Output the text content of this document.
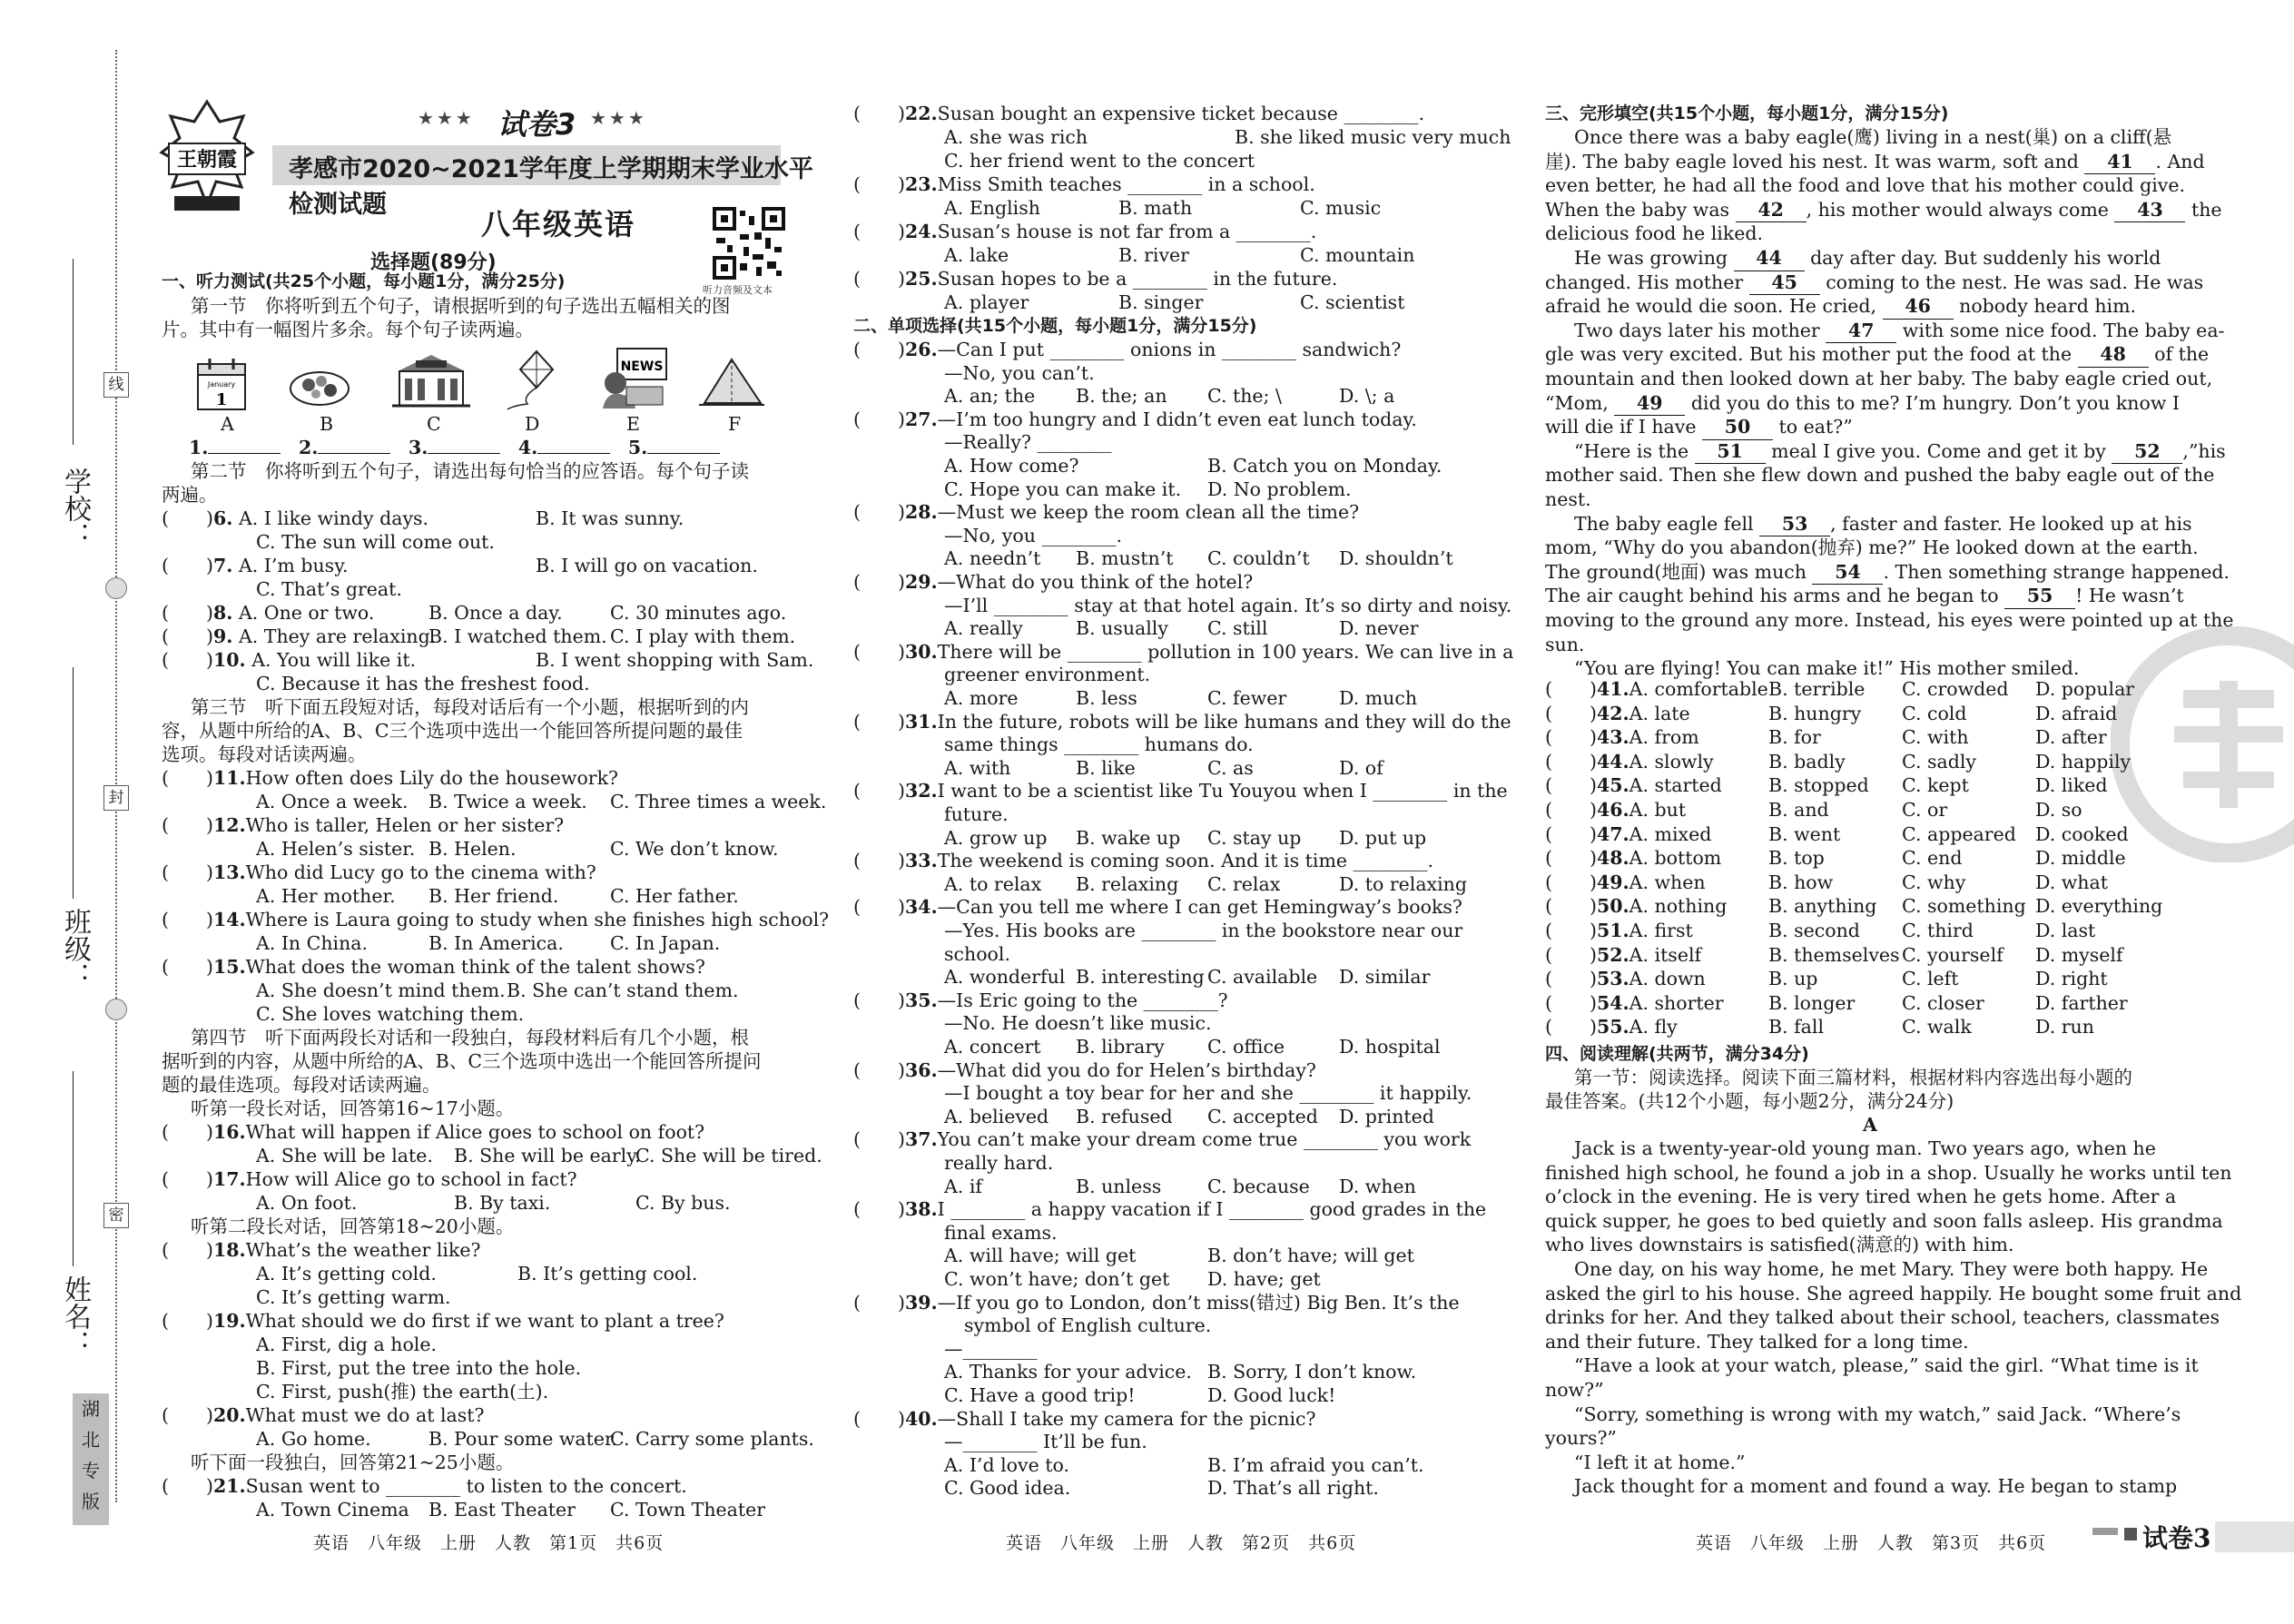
学校：
班级：
姓名：
线
封
密
湖
北
专
版
王朝霞
★★★ 试卷3 ★★★
孝感市2020~2021学年度上学期期末学业水平检测试题
八年级英语
听力音频及文本
选择题(89分)
一、听力测试(共25个小题，每小题1分，满分25分)
第一节　你将听到五个句子，请根据听到的句子选出五幅相关的图
片。其中有一幅图片多余。每个句子读两遍。
January
1
NEWS
A	B	C	D	E	F
1.	2.	3.	4.	5.
第二节　你将听到五个句子，请选出每句恰当的应答语。每个句子读
两遍。
(　　)6. A. I like windy days.	B. It was sunny.
C. The sun will come out.
(　　)7. A. I’m busy.	B. I will go on vacation.
C. That’s great.
(　　)8. A. One or two.	B. Once a day.	C. 30 minutes ago.
(　　)9. A. They are relaxing.
B. I watched them. C. I play with them.
(　　)10. A. You will like it.	B. I went shopping with Sam.
C. Because it has the freshest food.
第三节　听下面五段短对话，每段对话后有一个小题，根据听到的内
容，从题中所给的A、B、C三个选项中选出一个能回答所提问题的最佳
选项。每段对话读两遍。
(　　)11.How often does Lily do the housework?
A. Once a week. B. Twice a week. C. Three times a week.
(　　)12.Who is taller, Helen or her sister?
A. Helen’s sister. B. Helen.	C. We don’t know.
(　　)13.Who did Lucy go to the cinema with?
A. Her mother. B. Her friend.	C. Her father.
(　　)14.Where is Laura going to study when she finishes high school?
A. In China.	B. In America. C. In Japan.
(　　)15.What does the woman think of the talent shows?
A. She doesn’t mind them. B. She can’t stand them.
C. She loves watching them.
第四节　听下面两段长对话和一段独白，每段材料后有几个小题，根
据听到的内容，从题中所给的A、B、C三个选项中选出一个能回答所提问
题的最佳选项。每段对话读两遍。
听第一段长对话，回答第16~17小题。
(　　)16.What will happen if Alice goes to school on foot?
A. She will be late. B. She will be early.
C. She will be tired.
(　　)17.How will Alice go to school in fact?
A. On foot.	B. By taxi.	C. By bus.
听第二段长对话，回答第18~20小题。
(　　)18.What’s the weather like?
A. It’s getting cold.	B. It’s getting cool.
C. It’s getting warm.
(　　)19.What should we do first if we want to plant a tree?
A. First, dig a hole.
B. First, put the tree into the hole.
C. First, push(推) the earth(土).
(　　)20.What must we do at last?
A. Go home.	B. Pour some water.
C. Carry some plants.
听下面一段独白，回答第21~25小题。
(　　)21.Susan went to ________ to listen to the concert.
A. Town Cinema B. East Theater C. Town Theater
英语　八年级　上册　人教　第1页　共6页
(　　)22.Susan bought an expensive ticket because ________.
A. she was rich	B. she liked music very much
C. her friend went to the concert
(　　)23.Miss Smith teaches ________ in a school.
A. English	B. math	C. music
(　　)24.Susan’s house is not far from a ________.
A. lake	B. river	C. mountain
(　　)25.Susan hopes to be a ________ in the future.
A. player	B. singer	C. scientist
二、单项选择(共15个小题，每小题1分，满分15分)
(　　)26.—Can I put ________ onions in ________ sandwich?
—No, you can’t.
A. an; the B. the; an C. the; \	D. \; a
(　　)27.—I’m too hungry and I didn’t even eat lunch today.
—Really? ________
A. How come?	B. Catch you on Monday.
C. Hope you can make it. D. No problem.
(　　)28.—Must we keep the room clean all the time?
—No, you ________.
A. needn’t B. mustn’t C. couldn’t D. shouldn’t
(　　)29.—What do you think of the hotel?
—I’ll ________ stay at that hotel again. It’s so dirty and noisy.
A. really	B. usually C. still	D. never
(　　)30.There will be ________ pollution in 100 years. We can live in a
greener environment.
A. more	B. less	C. fewer	D. much
(　　)31.In the future, robots will be like humans and they will do the
same things ________ humans do.
A. with	B. like	C. as	D. of
(　　)32.I want to be a scientist like Tu Youyou when I ________ in the
future.
A. grow up B. wake up C. stay up D. put up
(　　)33.The weekend is coming soon. And it is time ________.
A. to relax B. relaxing C. relax	D. to relaxing
(　　)34.—Can you tell me where I can get Hemingway’s books?
—Yes. His books are ________ in the bookstore near our
school.
A. wonderful B. interesting C. available D. similar
(　　)35.—Is Eric going to the ________?
—No. He doesn’t like music.
A. concert B. library C. office	D. hospital
(　　)36.—What did you do for Helen’s birthday?
—I bought a toy bear for her and she ________ it happily.
A. believed B. refused C. accepted D. printed
(　　)37.You can’t make your dream come true ________ you work
really hard.
A. if	B. unless C. because D. when
(　　)38.I ________ a happy vacation if I ________ good grades in the
final exams.
A. will have; will get	B. don’t have; will get
C. won’t have; don’t get D. have; get
(　　)39.—If you go to London, don’t miss(错过) Big Ben. It’s the
symbol of English culture.
—________
A. Thanks for your advice. B. Sorry, I don’t know.
C. Have a good trip!	D. Good luck!
(　　)40.—Shall I take my camera for the picnic?
—________ It’ll be fun.
A. I’d love to.	B. I’m afraid you can’t.
C. Good idea.	D. That’s all right.
英语　八年级　上册　人教　第2页　共6页
三、完形填空(共15个小题，每小题1分，满分15分)
Once there was a baby eagle(鹰) living in a nest(巢) on a cliff(悬
崖). The baby eagle loved his nest. It was warm, soft and 41 . And
even better, he had all the food and love that his mother could give.
When the baby was 42 , his mother would always come 43 the
delicious food he liked.
He was growing 44 day after day. But suddenly his world
changed. His mother 45 coming to the nest. He was sad. He was
afraid he would die soon. He cried, 46 nobody heard him.
Two days later his mother 47 with some nice food. The baby ea-
gle was very excited. But his mother put the food at the 48 of the
mountain and then looked down at her baby. The baby eagle cried out,
“Mom, 49 did you do this to me? I’m hungry. Don’t you know I
will die if I have 50 to eat?”
“Here is the 51 meal I give you. Come and get it by 52 ,”his
mother said. Then she flew down and pushed the baby eagle out of the
nest.
The baby eagle fell 53 , faster and faster. He looked up at his
mom, “Why do you abandon(抛弃) me?” He looked down at the earth.
The ground(地面) was much 54 . Then something strange happened.
The air caught behind his arms and he began to 55 ! He wasn’t
moving to the ground any more. Instead, his eyes were pointed up at the
sun.
“You are flying! You can make it!” His mother smiled.
(　　)41.A. comfortable B. terrible C. crowded D. popular
(　　)42.A. late	B. hungry C. cold	D. afraid
(　　)43.A. from	B. for	C. with	D. after
(　　)44.A. slowly	B. badly	C. sadly	D. happily
(　　)45.A. started B. stopped C. kept	D. liked
(　　)46.A. but	B. and	C. or	D. so
(　　)47.A. mixed	B. went	C. appeared D. cooked
(　　)48.A. bottom	B. top	C. end	D. middle
(　　)49.A. when	B. how	C. why	D. what
(　　)50.A. nothing B. anything C. something D. everything
(　　)51.A. first	B. second C. third	D. last
(　　)52.A. itself	B. themselves C. yourself D. myself
(　　)53.A. down	B. up	C. left	D. right
(　　)54.A. shorter B. longer	C. closer	D. farther
(　　)55.A. fly	B. fall	C. walk	D. run
四、阅读理解(共两节，满分34分)
第一节：阅读选择。阅读下面三篇材料，根据材料内容选出每小题的
最佳答案。(共12个小题，每小题2分，满分24分)
A
Jack is a twenty-year-old young man. Two years ago, when he
finished high school, he found a job in a shop. Usually he works until ten
o’clock in the evening. He is very tired when he gets home. After a
quick supper, he goes to bed quietly and soon falls asleep. His grandma
who lives downstairs is satisfied(满意的) with him.
One day, on his way home, he met Mary. They were both happy. He
asked the girl to his house. She agreed happily. He bought some fruit and
drinks for her. And they talked about their school, teachers, classmates
and their future. They talked for a long time.
“Have a look at your watch, please,” said the girl. “What time is it
now?”
“Sorry, something is wrong with my watch,” said Jack. “Where’s
yours?”
“I left it at home.”
Jack thought for a moment and found a way. He began to stamp
英语　八年级　上册　人教　第3页　共6页	试卷3
